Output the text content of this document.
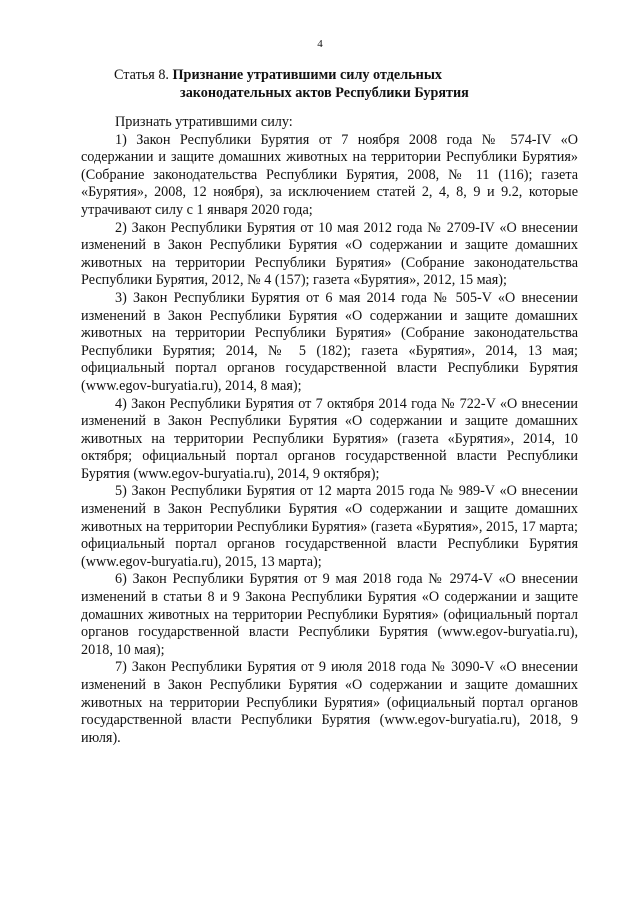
4
Статья 8. Признание утратившими силу отдельных
законодательных актов Республики Бурятия

Признать утратившими силу:

1) Закон Республики Бурятия от 7 ноября 2008 года № 574-IV «О содержании и защите домашних животных на территории Республики Бурятия» (Собрание законодательства Республики Бурятия, 2008, № 11 (116); газета «Бурятия», 2008, 12 ноября), за исключением статей 2, 4, 8, 9 и 9.2, которые утрачивают силу с 1 января 2020 года;

2) Закон Республики Бурятия от 10 мая 2012 года № 2709-IV «О внесении изменений в Закон Республики Бурятия «О содержании и защите домашних животных на территории Республики Бурятия» (Собрание законодательства Республики Бурятия, 2012, № 4 (157); газета «Бурятия», 2012, 15 мая);

3) Закон Республики Бурятия от 6 мая 2014 года № 505-V «О внесении изменений в Закон Республики Бурятия «О содержании и защите домашних животных на территории Республики Бурятия» (Собрание законодательства Республики Бурятия; 2014, № 5 (182); газета «Бурятия», 2014, 13 мая; официальный портал органов государственной власти Республики Бурятия (www.egov-buryatia.ru), 2014, 8 мая);

4) Закон Республики Бурятия от 7 октября 2014 года № 722-V «О внесении изменений в Закон Республики Бурятия «О содержании и защите домашних животных на территории Республики Бурятия» (газета «Бурятия», 2014, 10 октября; официальный портал органов государственной власти Республики Бурятия (www.egov-buryatia.ru), 2014, 9 октября);

5) Закон Республики Бурятия от 12 марта 2015 года № 989-V «О внесении изменений в Закон Республики Бурятия «О содержании и защите домашних животных на территории Республики Бурятия» (газета «Бурятия», 2015, 17 марта; официальный портал органов государственной власти Республики Бурятия (www.egov-buryatia.ru), 2015, 13 марта);

6) Закон Республики Бурятия от 9 мая 2018 года № 2974-V «О внесении изменений в статьи 8 и 9 Закона Республики Бурятия «О содержании и защите домашних животных на территории Республики Бурятия» (официальный портал органов государственной власти Республики Бурятия (www.egov-buryatia.ru), 2018, 10 мая);

7) Закон Республики Бурятия от 9 июля 2018 года № 3090-V «О внесении изменений в Закон Республики Бурятия «О содержании и защите домашних животных на территории Республики Бурятия» (официальный портал органов государственной власти Республики Бурятия (www.egov-buryatia.ru), 2018, 9 июля).
